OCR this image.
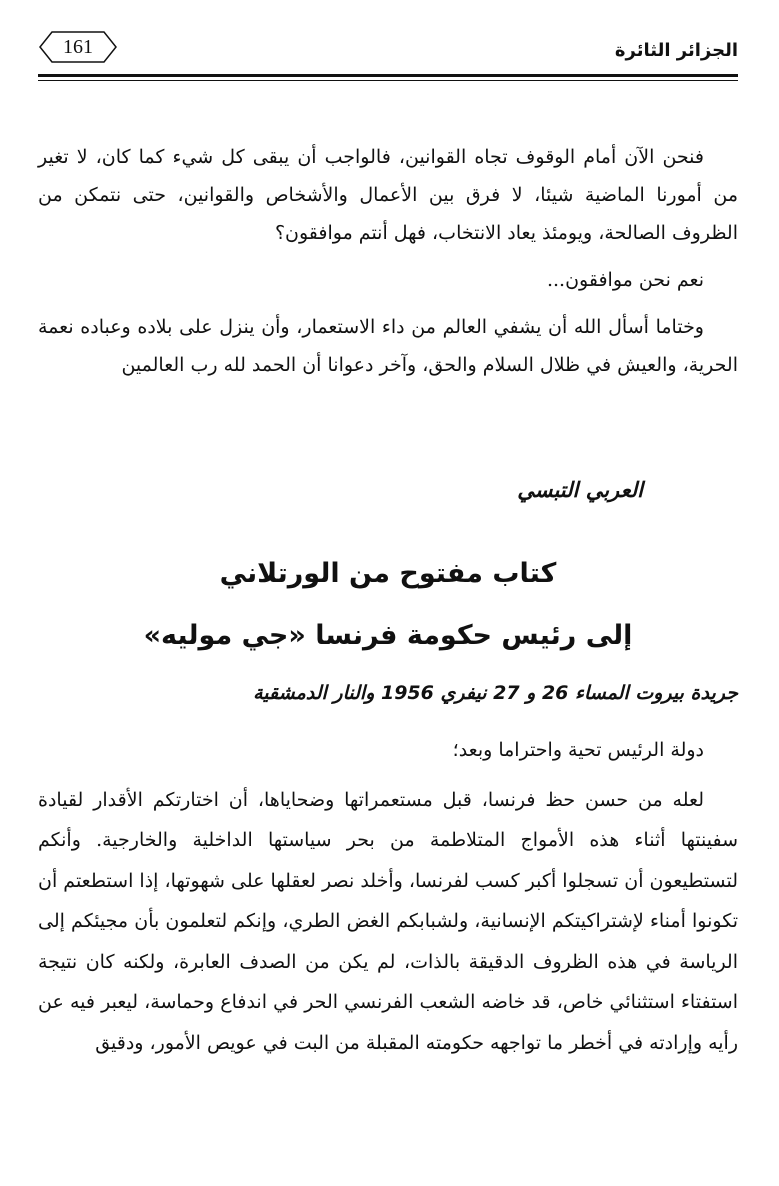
الجزائر الثائرة
161

فنحن الآن أمام الوقوف تجاه القوانين، فالواجب أن يبقى كل شيء كما كان، لا تغير من أمورنا الماضية شيئا، لا فرق بين الأعمال والأشخاص والقوانين، حتى نتمكن من الظروف الصالحة، ويومئذ يعاد الانتخاب، فهل أنتم موافقون؟

نعم نحن موافقون...

وختاما أسأل الله أن يشفي العالم من داء الاستعمار، وأن ينزل على بلاده وعباده نعمة الحرية، والعيش في ظلال السلام والحق، وآخر دعوانا أن الحمد لله رب العالمين

العربي التبسي
كتاب مفتوح من الورتلاني
إلى رئيس حكومة فرنسا «جي موليه»
جريدة بيروت المساء 26 و 27 نيفري 1956 والنار الدمشقية

دولة الرئيس تحية واحتراما وبعد؛

لعله من حسن حظ فرنسا، قبل مستعمراتها وضحاياها، أن اختارتكم الأقدار لقيادة سفينتها أثناء هذه الأمواج المتلاطمة من بحر سياستها الداخلية والخارجية. وأنكم لتستطيعون أن تسجلوا أكبر كسب لفرنسا، وأخلد نصر لعقلها على شهوتها، إذا استطعتم أن تكونوا أمناء لإشتراكيتكم الإنسانية، ولشبابكم الغض الطري، وإنكم لتعلمون بأن مجيئكم إلى الرياسة في هذه الظروف الدقيقة بالذات، لم يكن من الصدف العابرة، ولكنه كان نتيجة استفتاء استثنائي خاص، قد خاضه الشعب الفرنسي الحر في اندفاع وحماسة، ليعبر فيه عن رأيه وإرادته في أخطر ما تواجهه حكومته المقبلة من البت في عويص الأمور، ودقيق
